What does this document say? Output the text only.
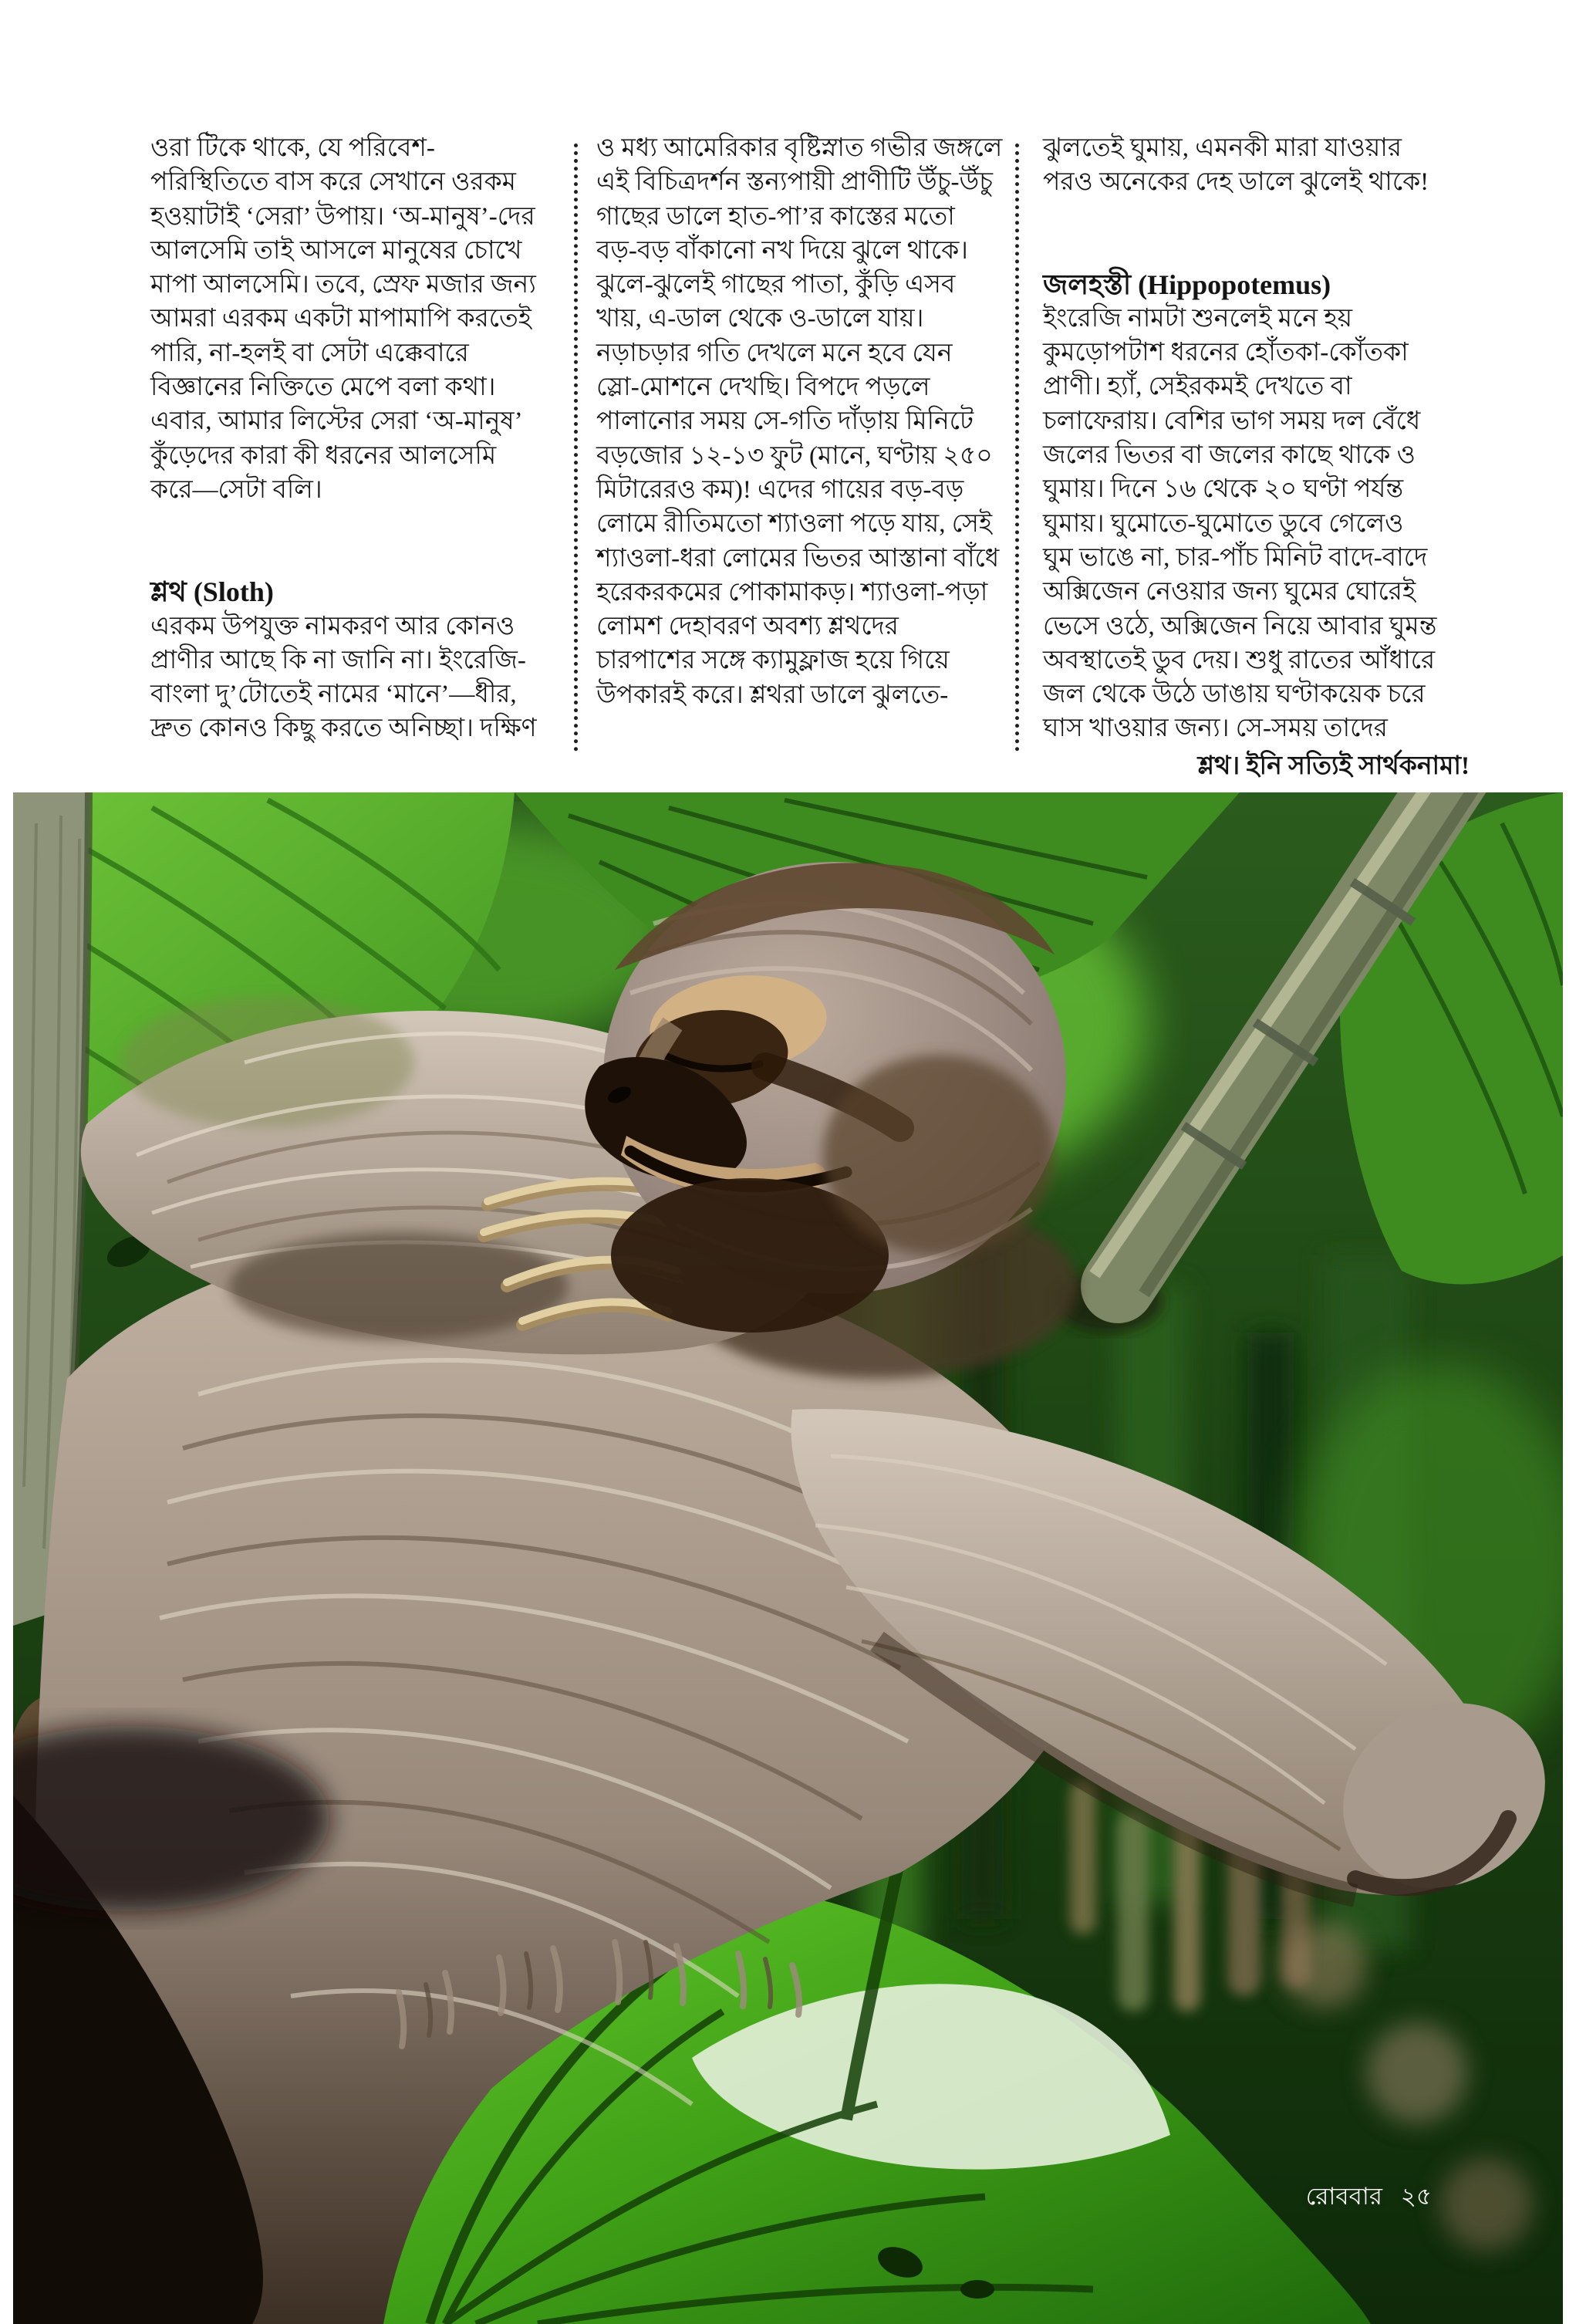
ওরা টিকে থাকে, যে পরিবেশ-
পরিস্থিতিতে বাস করে সেখানে ওরকম
হওয়াটাই ‘সেরা’ উপায়। ‘অ-মানুষ’-দের
আলসেমি তাই আসলে মানুষের চোখে
মাপা আলসেমি। তবে, স্রেফ মজার জন্য
আমরা এরকম একটা মাপামাপি করতেই
পারি, না-হলই বা সেটা এক্কেবারে
বিজ্ঞানের নিক্তিতে মেপে বলা কথা।
এবার, আমার লিস্টের সেরা ‘অ-মানুষ’
কুঁড়েদের কারা কী ধরনের আলসেমি
করে—সেটা বলি।
শ্লথ (Sloth)
এরকম উপযুক্ত নামকরণ আর কোনও
প্রাণীর আছে কি না জানি না। ইংরেজি-
বাংলা দু’টোতেই নামের ‘মানে’—ধীর,
দ্রুত কোনও কিছু করতে অনিচ্ছা। দক্ষিণ
ও মধ্য আমেরিকার বৃষ্টিস্নাত গভীর জঙ্গলে
এই বিচিত্রদর্শন স্তন্যপায়ী প্রাণীটি উঁচু-উঁচু
গাছের ডালে হাত-পা’র কাস্তের মতো
বড়-বড় বাঁকানো নখ দিয়ে ঝুলে থাকে।
ঝুলে-ঝুলেই গাছের পাতা, কুঁড়ি এসব
খায়, এ-ডাল থেকে ও-ডালে যায়।
নড়াচড়ার গতি দেখলে মনে হবে যেন
স্লো-মোশনে দেখছি। বিপদে পড়লে
পালানোর সময় সে-গতি দাঁড়ায় মিনিটে
বড়জোর ১২-১৩ ফুট (মানে, ঘণ্টায় ২৫০
মিটারেরও কম)! এদের গায়ের বড়-বড়
লোমে রীতিমতো শ্যাওলা পড়ে যায়, সেই
শ্যাওলা-ধরা লোমের ভিতর আস্তানা বাঁধে
হরেকরকমের পোকামাকড়। শ্যাওলা-পড়া
লোমশ দেহাবরণ অবশ্য শ্লথদের
চারপাশের সঙ্গে ক্যামুফ্লাজ হয়ে গিয়ে
উপকারই করে। শ্লথরা ডালে ঝুলতে-
ঝুলতেই ঘুমায়, এমনকী মারা যাওয়ার
পরও অনেকের দেহ ডালে ঝুলেই থাকে!
জলহস্তী (Hippopotemus)
ইংরেজি নামটা শুনলেই মনে হয়
কুমড়োপটাশ ধরনের হোঁতকা-কোঁতকা
প্রাণী। হ্যাঁ, সেইরকমই দেখতে বা
চলাফেরায়। বেশির ভাগ সময় দল বেঁধে
জলের ভিতর বা জলের কাছে থাকে ও
ঘুমায়। দিনে ১৬ থেকে ২০ ঘণ্টা পর্যন্ত
ঘুমায়। ঘুমোতে-ঘুমোতে ডুবে গেলেও
ঘুম ভাঙে না, চার-পাঁচ মিনিট বাদে-বাদে
অক্সিজেন নেওয়ার জন্য ঘুমের ঘোরেই
ভেসে ওঠে, অক্সিজেন নিয়ে আবার ঘুমন্ত
অবস্থাতেই ডুব দেয়। শুধু রাতের আঁধারে
জল থেকে উঠে ডাঙায় ঘণ্টাকয়েক চরে
ঘাস খাওয়ার জন্য। সে-সময় তাদের
শ্লথ। ইনি সত্যিই সার্থকনামা!
রোববার ২৫
